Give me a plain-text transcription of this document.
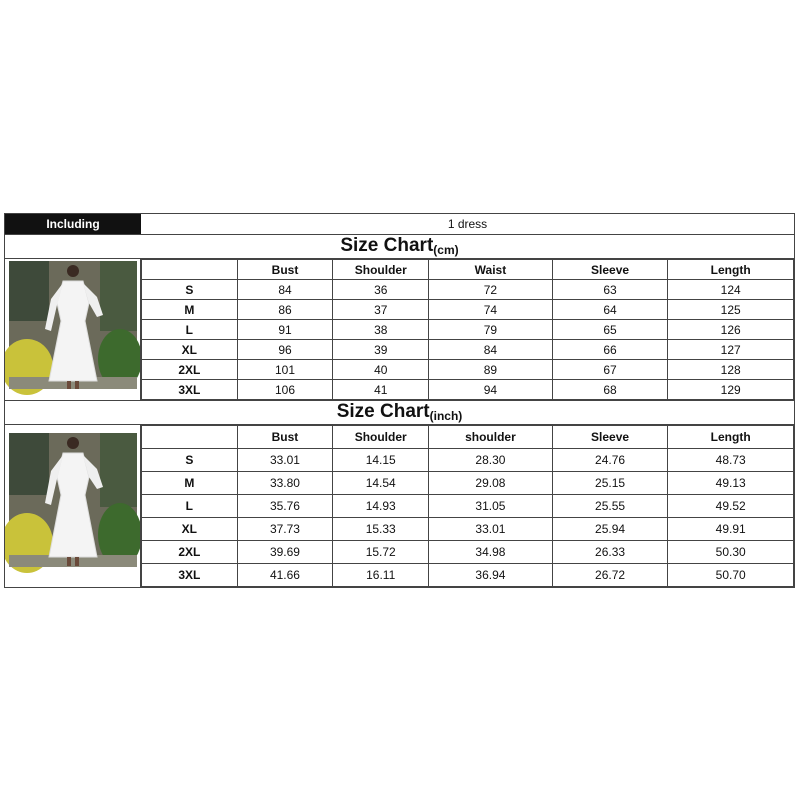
Including	1 dress
Size Chart (cm)
	Bust	Shoulder	Waist	Sleeve	Length
S	84	36	72	63	124
M	86	37	74	64	125
L	91	38	79	65	126
XL	96	39	84	66	127
2XL	101	40	89	67	128
3XL	106	41	94	68	129
Size Chart (inch)
	Bust	Shoulder	shoulder	Sleeve	Length
S	33.01	14.15	28.30	24.76	48.73
M	33.80	14.54	29.08	25.15	49.13
L	35.76	14.93	31.05	25.55	49.52
XL	37.73	15.33	33.01	25.94	49.91
2XL	39.69	15.72	34.98	26.33	50.30
3XL	41.66	16.11	36.94	26.72	50.70
